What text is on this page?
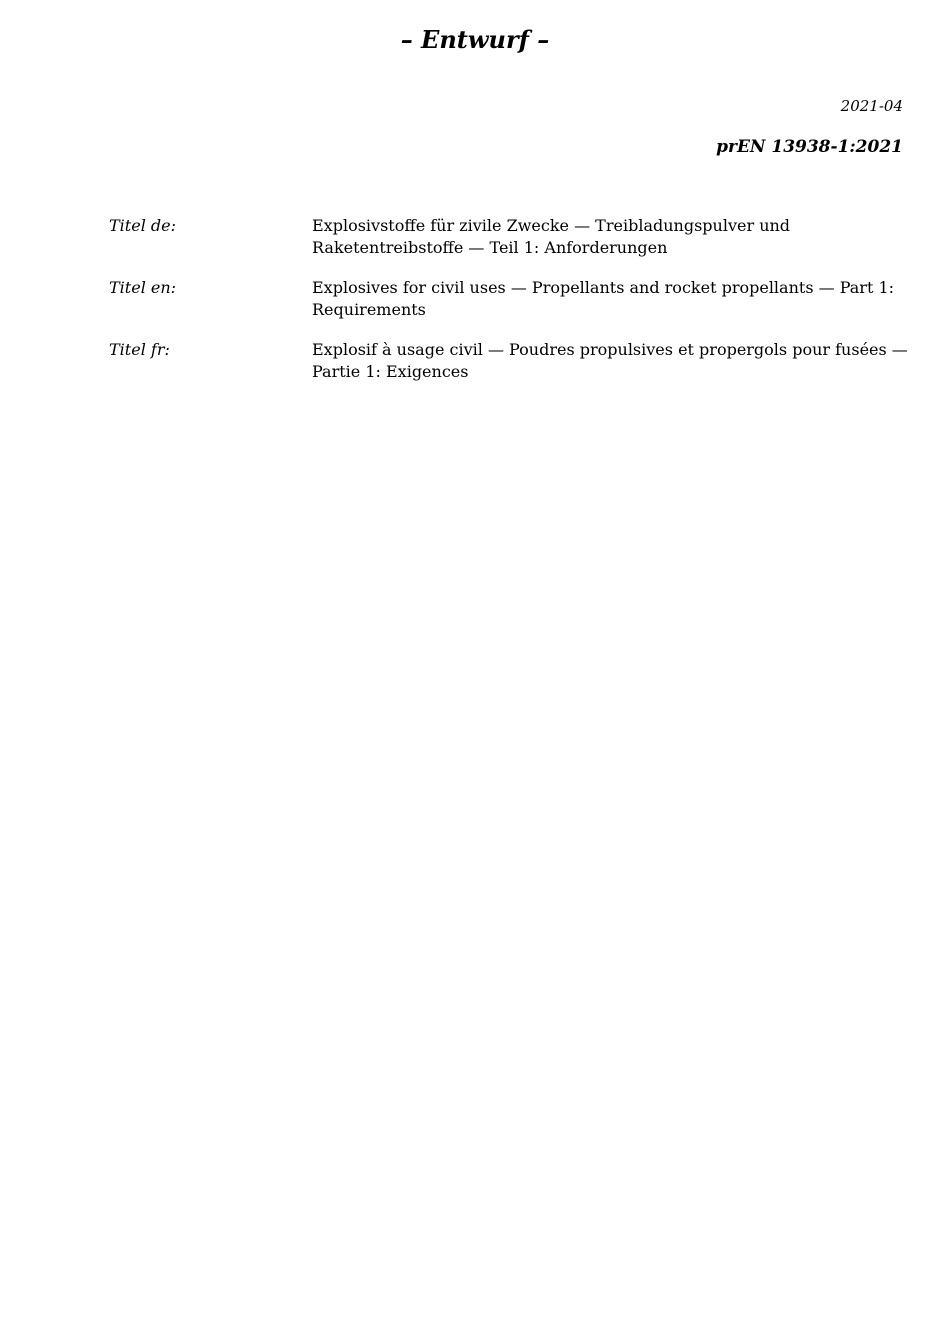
– Entwurf –
2021-04
prEN 13938-1:2021
Titel de:	Explosivstoffe für zivile Zwecke — Treibladungspulver und
Raketentreibstoffe — Teil 1: Anforderungen
Titel en:	Explosives for civil uses — Propellants and rocket propellants — Part 1:
Requirements
Titel fr:	Explosif à usage civil — Poudres propulsives et propergols pour fusées —
Partie 1: Exigences
